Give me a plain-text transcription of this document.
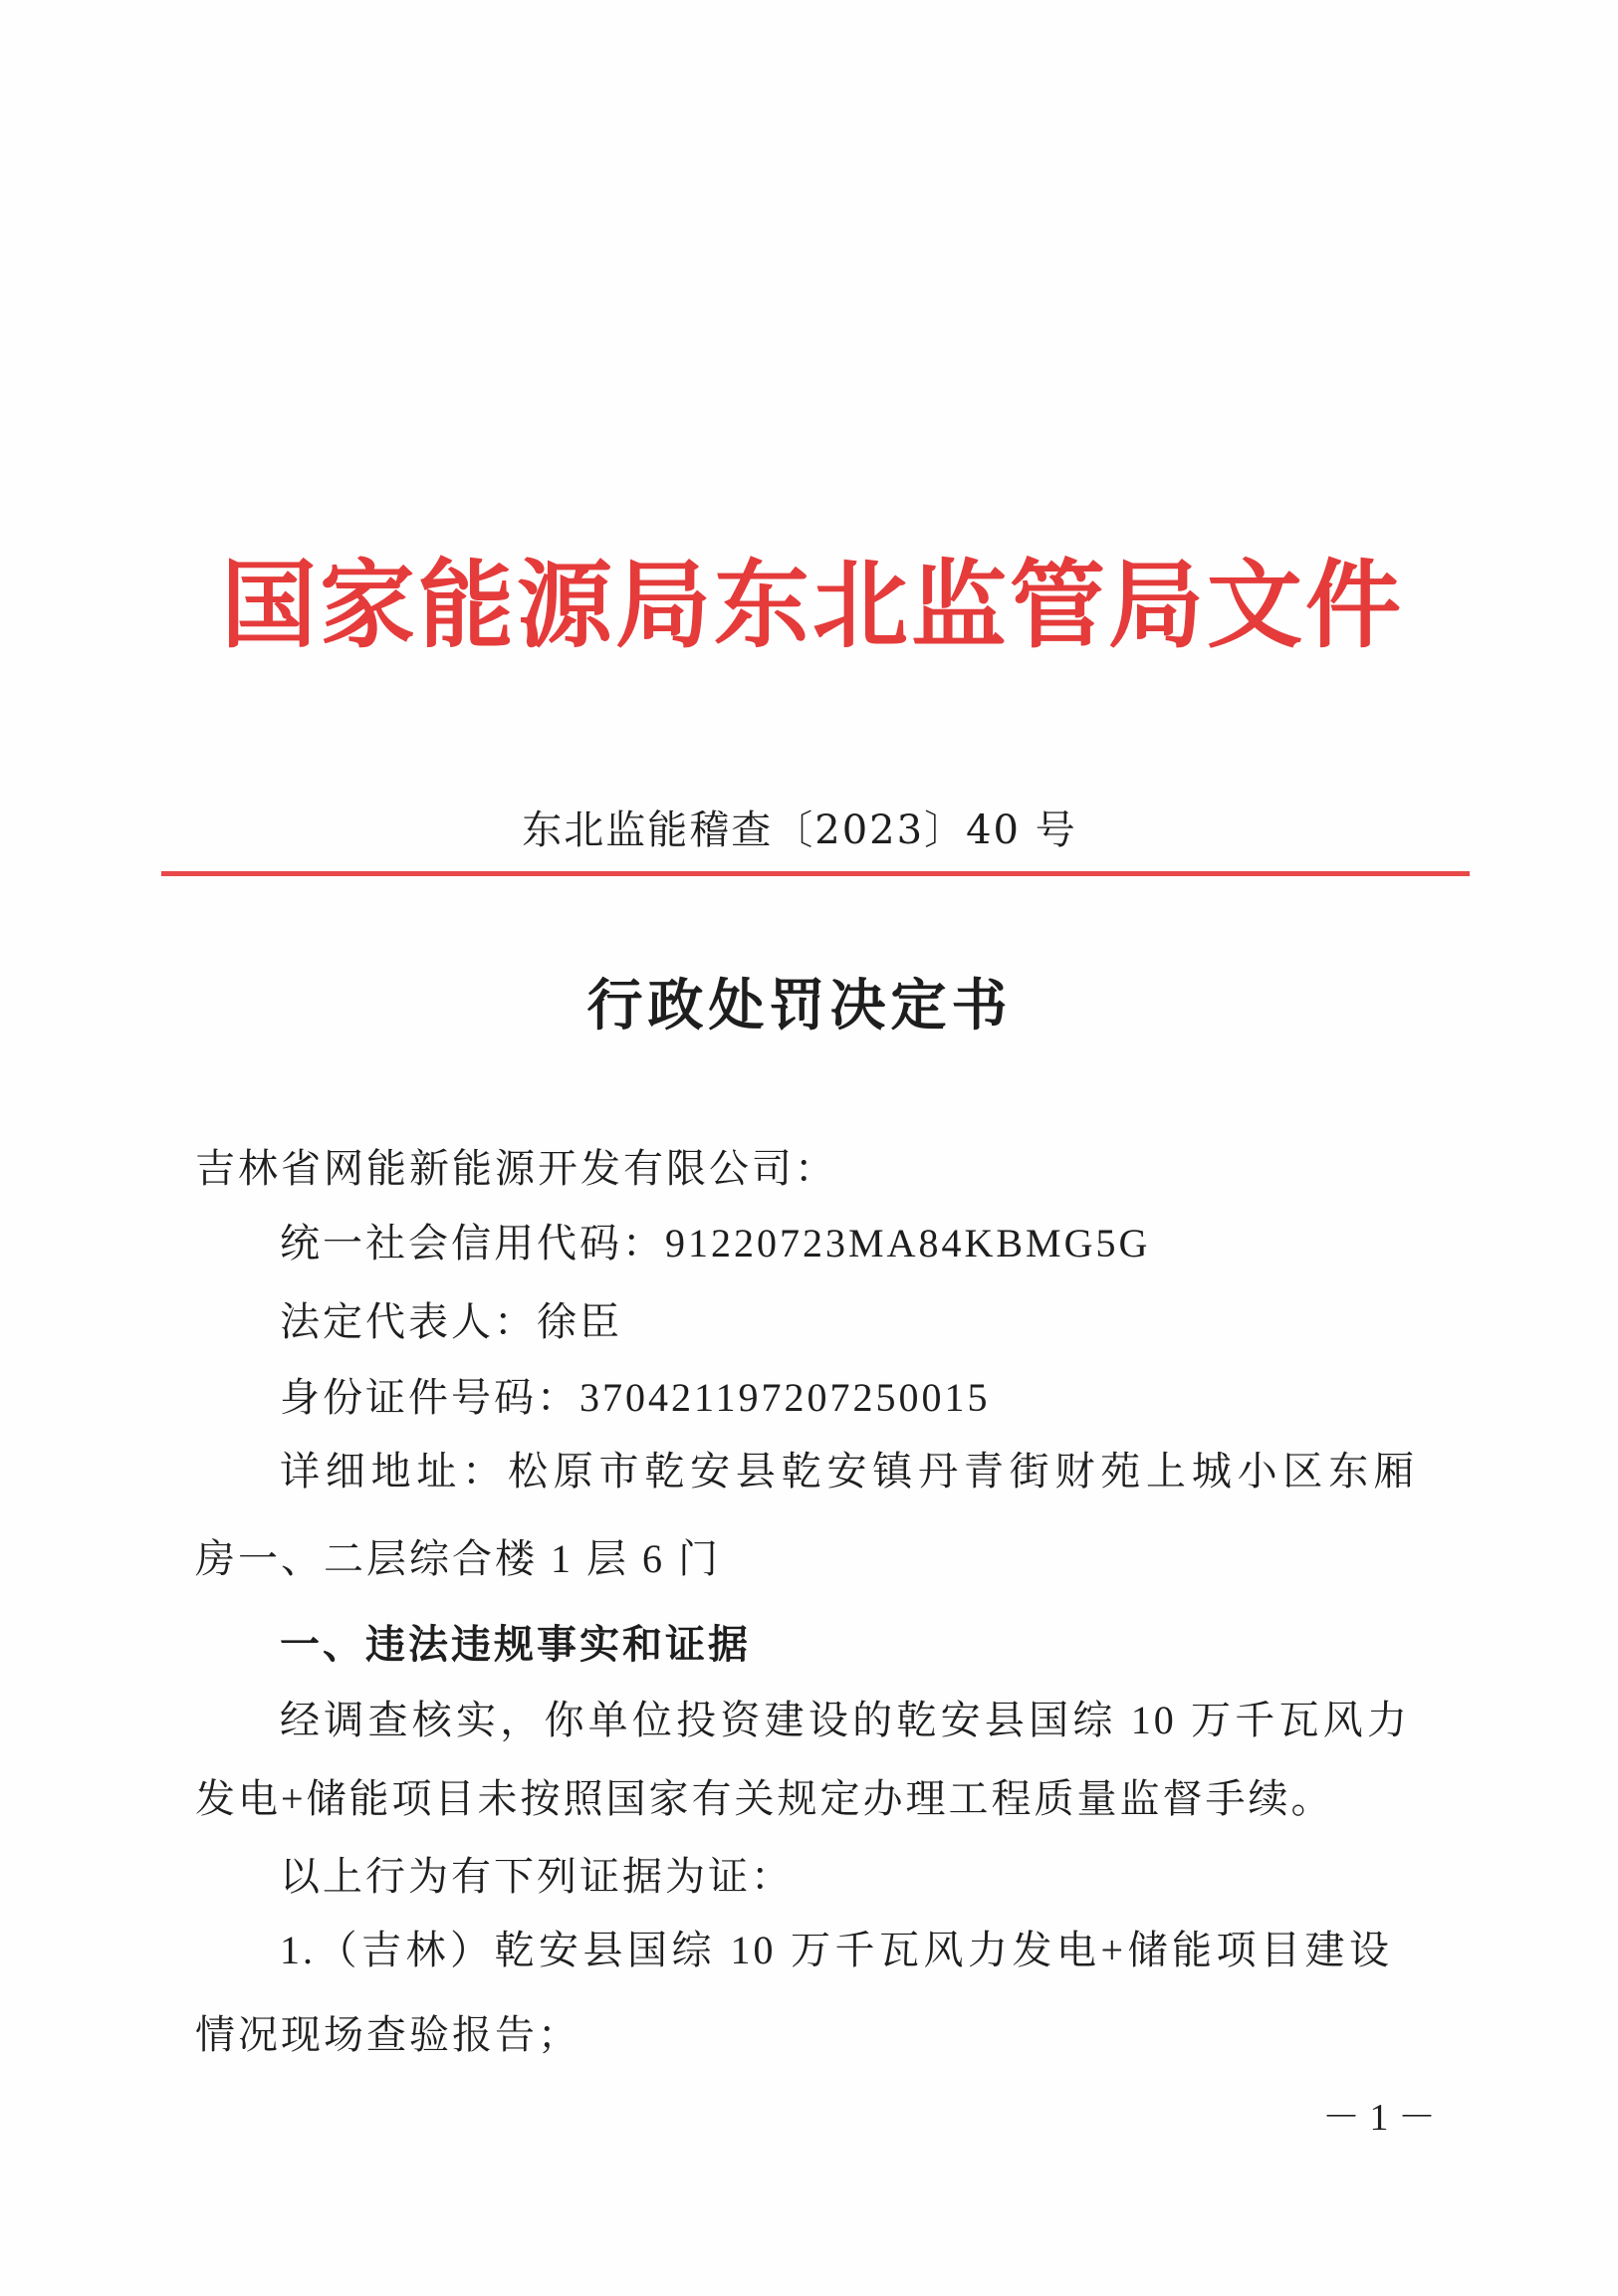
国家能源局东北监管局文件
东北监能稽查〔2023〕40 号
行政处罚决定书
吉林省网能新能源开发有限公司：
统一社会信用代码：91220723MA84KBMG5G
法定代表人：徐臣
身份证件号码：370421197207250015
详细地址：松原市乾安县乾安镇丹青街财苑上城小区东厢
房一、二层综合楼 1 层 6 门
一、违法违规事实和证据
经调查核实，你单位投资建设的乾安县国综 10 万千瓦风力
发电+储能项目未按照国家有关规定办理工程质量监督手续。
以上行为有下列证据为证：
1.（吉林）乾安县国综 10 万千瓦风力发电+储能项目建设
情况现场查验报告；
－ 1 －
